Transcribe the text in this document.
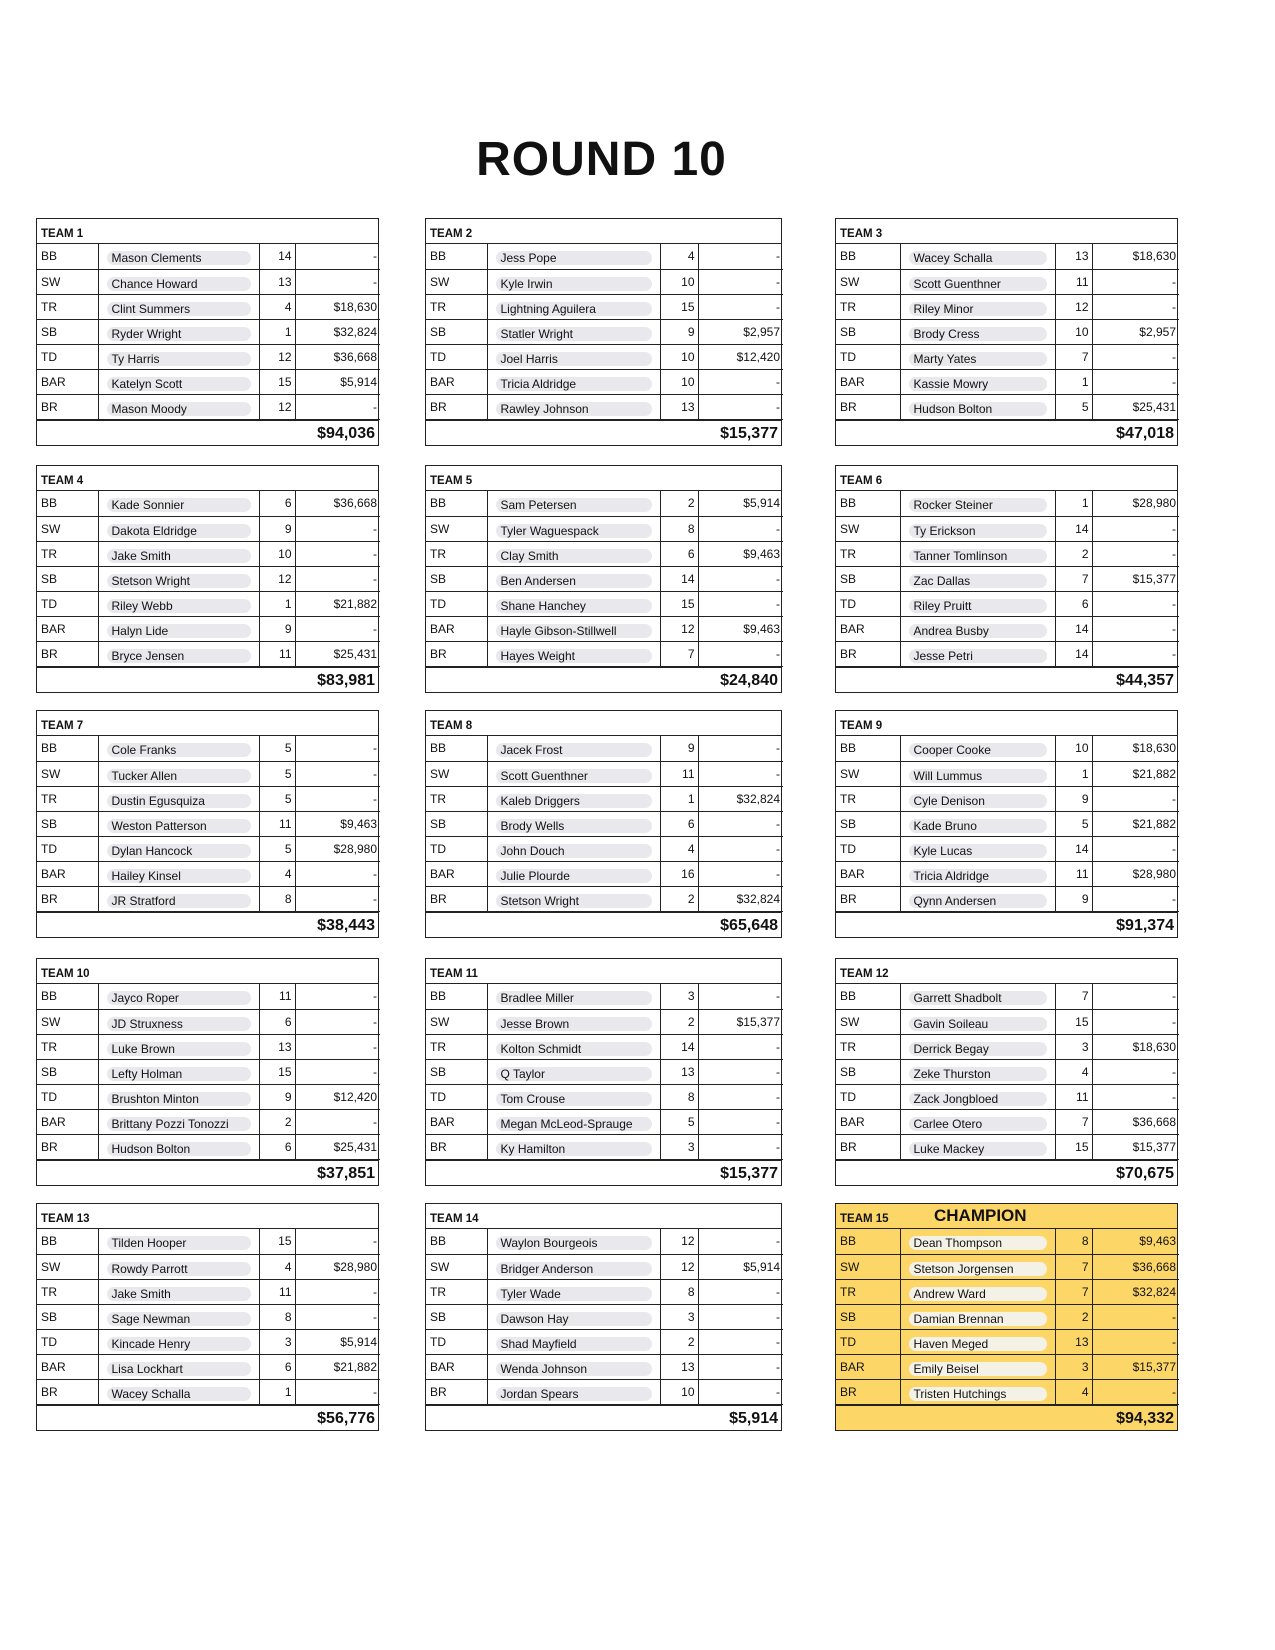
ROUND 10
TEAM 1
BB	Mason Clements	14	-
SW	Chance Howard	13	-
TR	Clint Summers	4	$18,630
SB	Ryder Wright	1	$32,824
TD	Ty Harris	12	$36,668
BAR	Katelyn Scott	15	$5,914
BR	Mason Moody	12	-
$94,036
TEAM 2
BB	Jess Pope	4	-
SW	Kyle Irwin	10	-
TR	Lightning Aguilera	15	-
SB	Statler Wright	9	$2,957
TD	Joel Harris	10	$12,420
BAR	Tricia Aldridge	10	-
BR	Rawley Johnson	13	-
$15,377
TEAM 3
BB	Wacey Schalla	13	$18,630
SW	Scott Guenthner	11	-
TR	Riley Minor	12	-
SB	Brody Cress	10	$2,957
TD	Marty Yates	7	-
BAR	Kassie Mowry	1	-
BR	Hudson Bolton	5	$25,431
$47,018
TEAM 4
BB	Kade Sonnier	6	$36,668
SW	Dakota Eldridge	9	-
TR	Jake Smith	10	-
SB	Stetson Wright	12	-
TD	Riley Webb	1	$21,882
BAR	Halyn Lide	9	-
BR	Bryce Jensen	11	$25,431
$83,981
TEAM 5
BB	Sam Petersen	2	$5,914
SW	Tyler Waguespack	8	-
TR	Clay Smith	6	$9,463
SB	Ben Andersen	14	-
TD	Shane Hanchey	15	-
BAR	Hayle Gibson-Stillwell	12	$9,463
BR	Hayes Weight	7	-
$24,840
TEAM 6
BB	Rocker Steiner	1	$28,980
SW	Ty Erickson	14	-
TR	Tanner Tomlinson	2	-
SB	Zac Dallas	7	$15,377
TD	Riley Pruitt	6	-
BAR	Andrea Busby	14	-
BR	Jesse Petri	14	-
$44,357
TEAM 7
BB	Cole Franks	5	-
SW	Tucker Allen	5	-
TR	Dustin Egusquiza	5	-
SB	Weston Patterson	11	$9,463
TD	Dylan Hancock	5	$28,980
BAR	Hailey Kinsel	4	-
BR	JR Stratford	8	-
$38,443
TEAM 8
BB	Jacek Frost	9	-
SW	Scott Guenthner	11	-
TR	Kaleb Driggers	1	$32,824
SB	Brody Wells	6	-
TD	John Douch	4	-
BAR	Julie Plourde	16	-
BR	Stetson Wright	2	$32,824
$65,648
TEAM 9
BB	Cooper Cooke	10	$18,630
SW	Will Lummus	1	$21,882
TR	Cyle Denison	9	-
SB	Kade Bruno	5	$21,882
TD	Kyle Lucas	14	-
BAR	Tricia Aldridge	11	$28,980
BR	Qynn Andersen	9	-
$91,374
TEAM 10
BB	Jayco Roper	11	-
SW	JD Struxness	6	-
TR	Luke Brown	13	-
SB	Lefty Holman	15	-
TD	Brushton Minton	9	$12,420
BAR	Brittany Pozzi Tonozzi	2	-
BR	Hudson Bolton	6	$25,431
$37,851
TEAM 11
BB	Bradlee Miller	3	-
SW	Jesse Brown	2	$15,377
TR	Kolton Schmidt	14	-
SB	Q Taylor	13	-
TD	Tom Crouse	8	-
BAR	Megan McLeod-Sprauge	5	-
BR	Ky Hamilton	3	-
$15,377
TEAM 12
BB	Garrett Shadbolt	7	-
SW	Gavin Soileau	15	-
TR	Derrick Begay	3	$18,630
SB	Zeke Thurston	4	-
TD	Zack Jongbloed	11	-
BAR	Carlee Otero	7	$36,668
BR	Luke Mackey	15	$15,377
$70,675
TEAM 13
BB	Tilden Hooper	15	-
SW	Rowdy Parrott	4	$28,980
TR	Jake Smith	11	-
SB	Sage Newman	8	-
TD	Kincade Henry	3	$5,914
BAR	Lisa Lockhart	6	$21,882
BR	Wacey Schalla	1	-
$56,776
TEAM 14
BB	Waylon Bourgeois	12	-
SW	Bridger Anderson	12	$5,914
TR	Tyler Wade	8	-
SB	Dawson Hay	3	-
TD	Shad Mayfield	2	-
BAR	Wenda Johnson	13	-
BR	Jordan Spears	10	-
$5,914
TEAM 15	CHAMPION
BB	Dean Thompson	8	$9,463
SW	Stetson Jorgensen	7	$36,668
TR	Andrew Ward	7	$32,824
SB	Damian Brennan	2	-
TD	Haven Meged	13	-
BAR	Emily Beisel	3	$15,377
BR	Tristen Hutchings	4	-
$94,332
